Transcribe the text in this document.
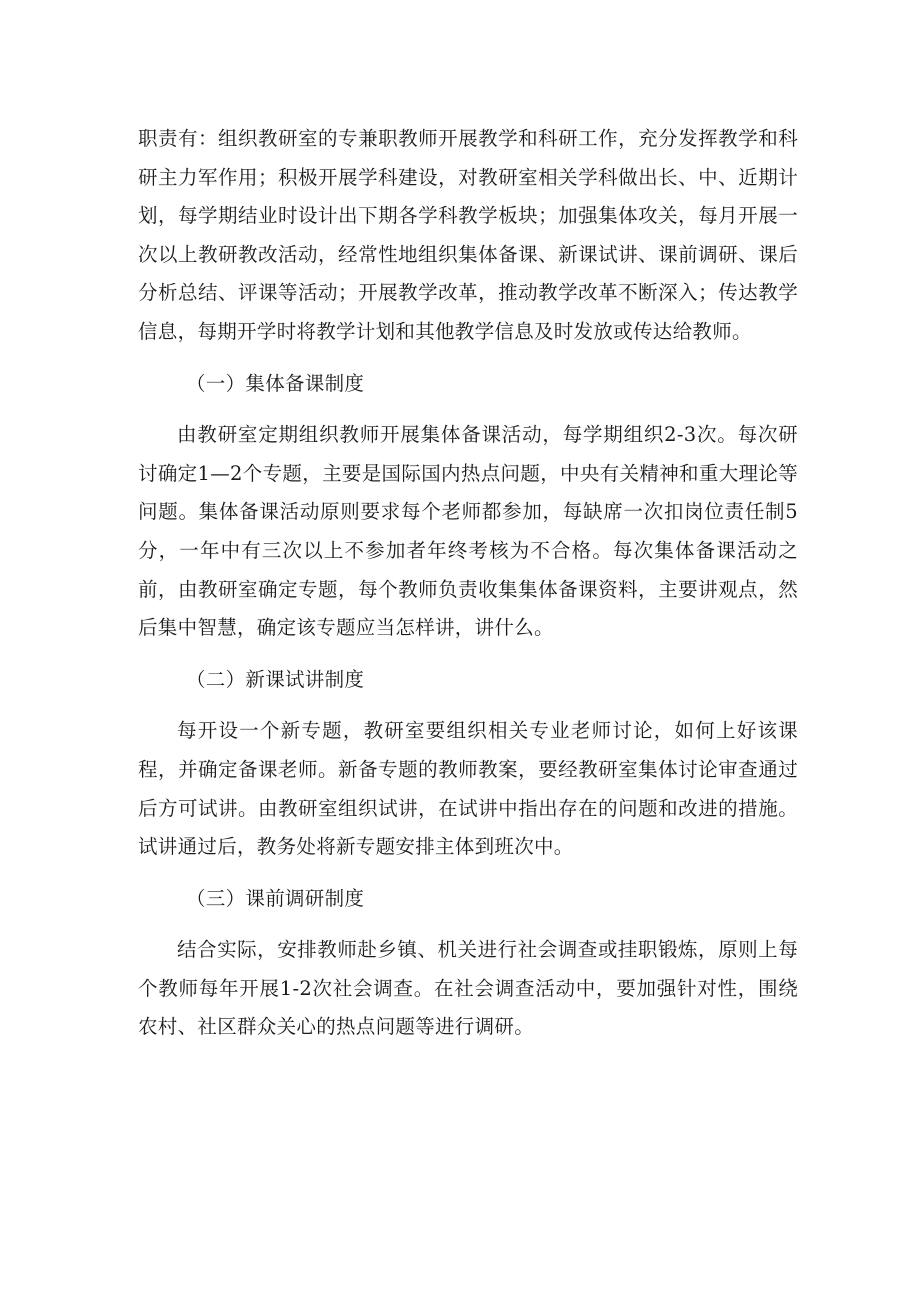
职责有：组织教研室的专兼职教师开展教学和科研工作，充分发挥教学和科研主力军作用；积极开展学科建设，对教研室相关学科做出长、中、近期计划，每学期结业时设计出下期各学科教学板块；加强集体攻关，每月开展一次以上教研教改活动，经常性地组织集体备课、新课试讲、课前调研、课后分析总结、评课等活动；开展教学改革，推动教学改革不断深入；传达教学信息，每期开学时将教学计划和其他教学信息及时发放或传达给教师。

（一）集体备课制度

由教研室定期组织教师开展集体备课活动，每学期组织2-3次。每次研讨确定1—2个专题，主要是国际国内热点问题，中央有关精神和重大理论等问题。集体备课活动原则要求每个老师都参加，每缺席一次扣岗位责任制5分，一年中有三次以上不参加者年终考核为不合格。每次集体备课活动之前，由教研室确定专题，每个教师负责收集集体备课资料，主要讲观点，然后集中智慧，确定该专题应当怎样讲，讲什么。

（二）新课试讲制度

每开设一个新专题，教研室要组织相关专业老师讨论，如何上好该课程，并确定备课老师。新备专题的教师教案，要经教研室集体讨论审查通过后方可试讲。由教研室组织试讲，在试讲中指出存在的问题和改进的措施。试讲通过后，教务处将新专题安排主体到班次中。

（三）课前调研制度

结合实际，安排教师赴乡镇、机关进行社会调查或挂职锻炼，原则上每个教师每年开展1-2次社会调查。在社会调查活动中，要加强针对性，围绕农村、社区群众关心的热点问题等进行调研。
